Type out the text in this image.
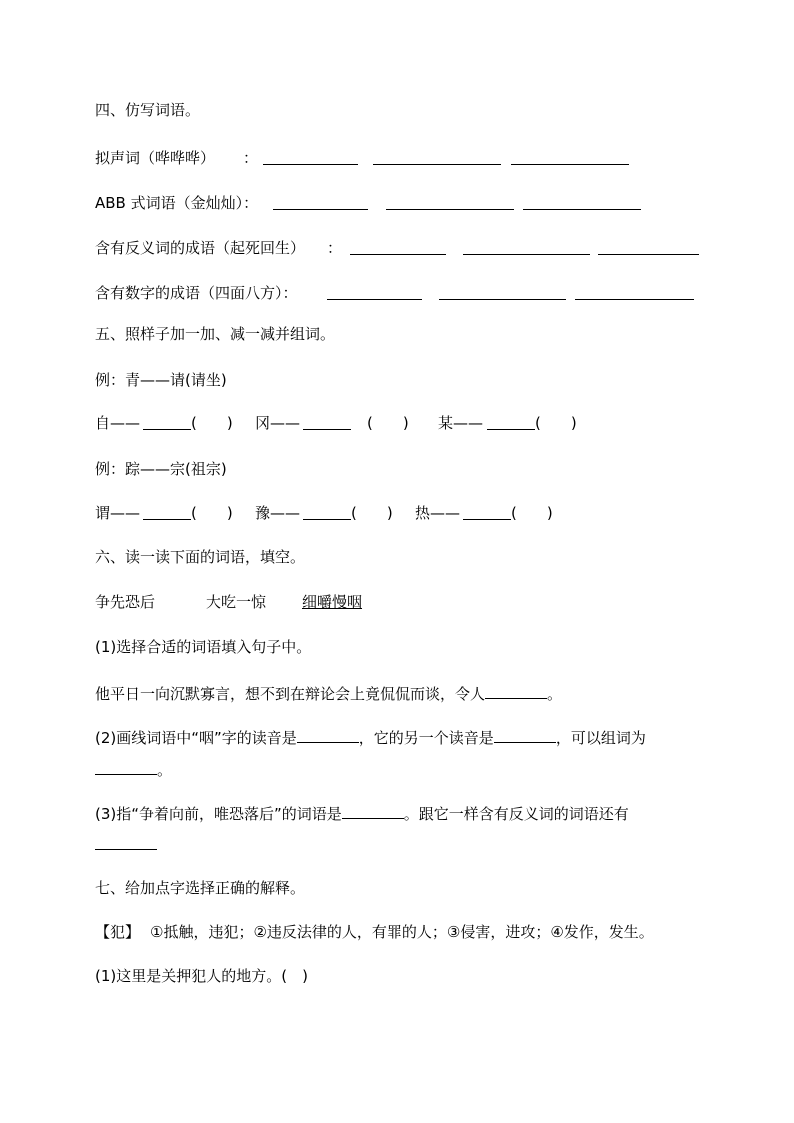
四、仿写词语。
拟声词（哗哗哗） ：
ABB 式词语（金灿灿）：
含有反义词的成语（起死回生） ：
含有数字的成语（四面八方）：
五、照样子加一加、减一减并组词。
例：青——请(请坐)
自——	(　　) 冈——	(　　) 某——	(　　)
例：踪——宗(祖宗)
谓——	(　　) 豫——	(　　) 热——	(　　)
六、读一读下面的词语，填空。
争先恐后	大吃一惊 细嚼慢咽
(1)选择合适的词语填入句子中。
他平日一向沉默寡言，想不到在辩论会上竟侃侃而谈，令人	。
(2)画线词语中“咽”字的读音是	，它的另一个读音是	，可以组词为
。
(3)指“争着向前，唯恐落后”的词语是	。跟它一样含有反义词的词语还有
七、给加点字选择正确的解释。
【犯】 ①抵触，违犯；②违反法律的人，有罪的人；③侵害，进攻；④发作，发生。
(1)这里是关押犯人的地方。(　)
